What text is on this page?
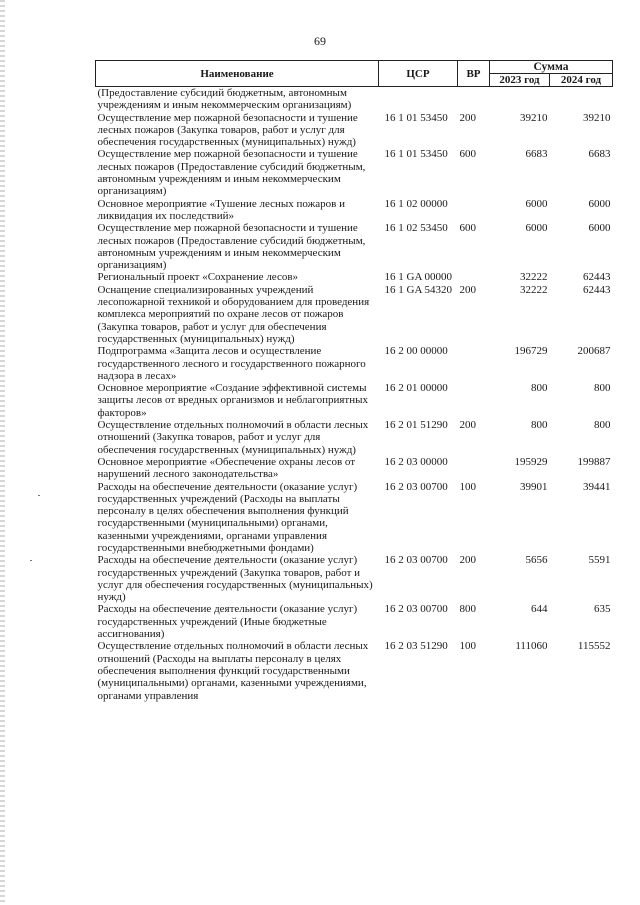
69
Наименование	ЦСР	ВР	Сумма	
			2023 год	2024 год
(Предоставление субсидий бюджетным, автономным учреждениям и иным некоммерческим организациям)				
Осуществление мер пожарной безопасности и тушение лесных пожаров (Закупка товаров, работ и услуг для обеспечения государственных (муниципальных) нужд)	16 1 01 53450	200	39210	39210
Осуществление мер пожарной безопасности и тушение лесных пожаров (Предоставление субсидий бюджетным, автономным учреждениям и иным некоммерческим организациям)	16 1 01 53450	600	6683	6683
Основное мероприятие «Тушение лесных пожаров и ликвидация их последствий»	16 1 02 00000		6000	6000
Осуществление мер пожарной безопасности и тушение лесных пожаров (Предоставление субсидий бюджетным, автономным учреждениям и иным некоммерческим организациям)	16 1 02 53450	600	6000	6000
Региональный проект «Сохранение лесов»	16 1 GA 00000		32222	62443
Оснащение специализированных учреждений лесопожарной техникой и оборудованием для проведения комплекса мероприятий по охране лесов от пожаров (Закупка товаров, работ и услуг для обеспечения государственных (муниципальных) нужд)	16 1 GA 54320	200	32222	62443
Подпрограмма «Защита лесов и осуществление государственного лесного и государственного пожарного надзора в лесах»	16 2 00 00000		196729	200687
Основное мероприятие «Создание эффективной системы защиты лесов от вредных организмов и неблагоприятных факторов»	16 2 01 00000		800	800
Осуществление отдельных полномочий в области лесных отношений (Закупка товаров, работ и услуг для обеспечения государственных (муниципальных) нужд)	16 2 01 51290	200	800	800
Основное мероприятие «Обеспечение охраны лесов от нарушений лесного законодательства»	16 2 03 00000		195929	199887
Расходы на обеспечение деятельности (оказание услуг) государственных учреждений (Расходы на выплаты персоналу в целях обеспечения выполнения функций государственными (муниципальными) органами, казенными учреждениями, органами управления государственными внебюджетными фондами)	16 2 03 00700	100	39901	39441
Расходы на обеспечение деятельности (оказание услуг) государственных учреждений (Закупка товаров, работ и услуг для обеспечения государственных (муниципальных) нужд)	16 2 03 00700	200	5656	5591
Расходы на обеспечение деятельности (оказание услуг) государственных учреждений (Иные бюджетные ассигнования)	16 2 03 00700	800	644	635
Осуществление отдельных полномочий в области лесных отношений (Расходы на выплаты персоналу в целях обеспечения выполнения функций государственными (муниципальными) органами, казенными учреждениями, органами управления	16 2 03 51290	100	111060	115552
